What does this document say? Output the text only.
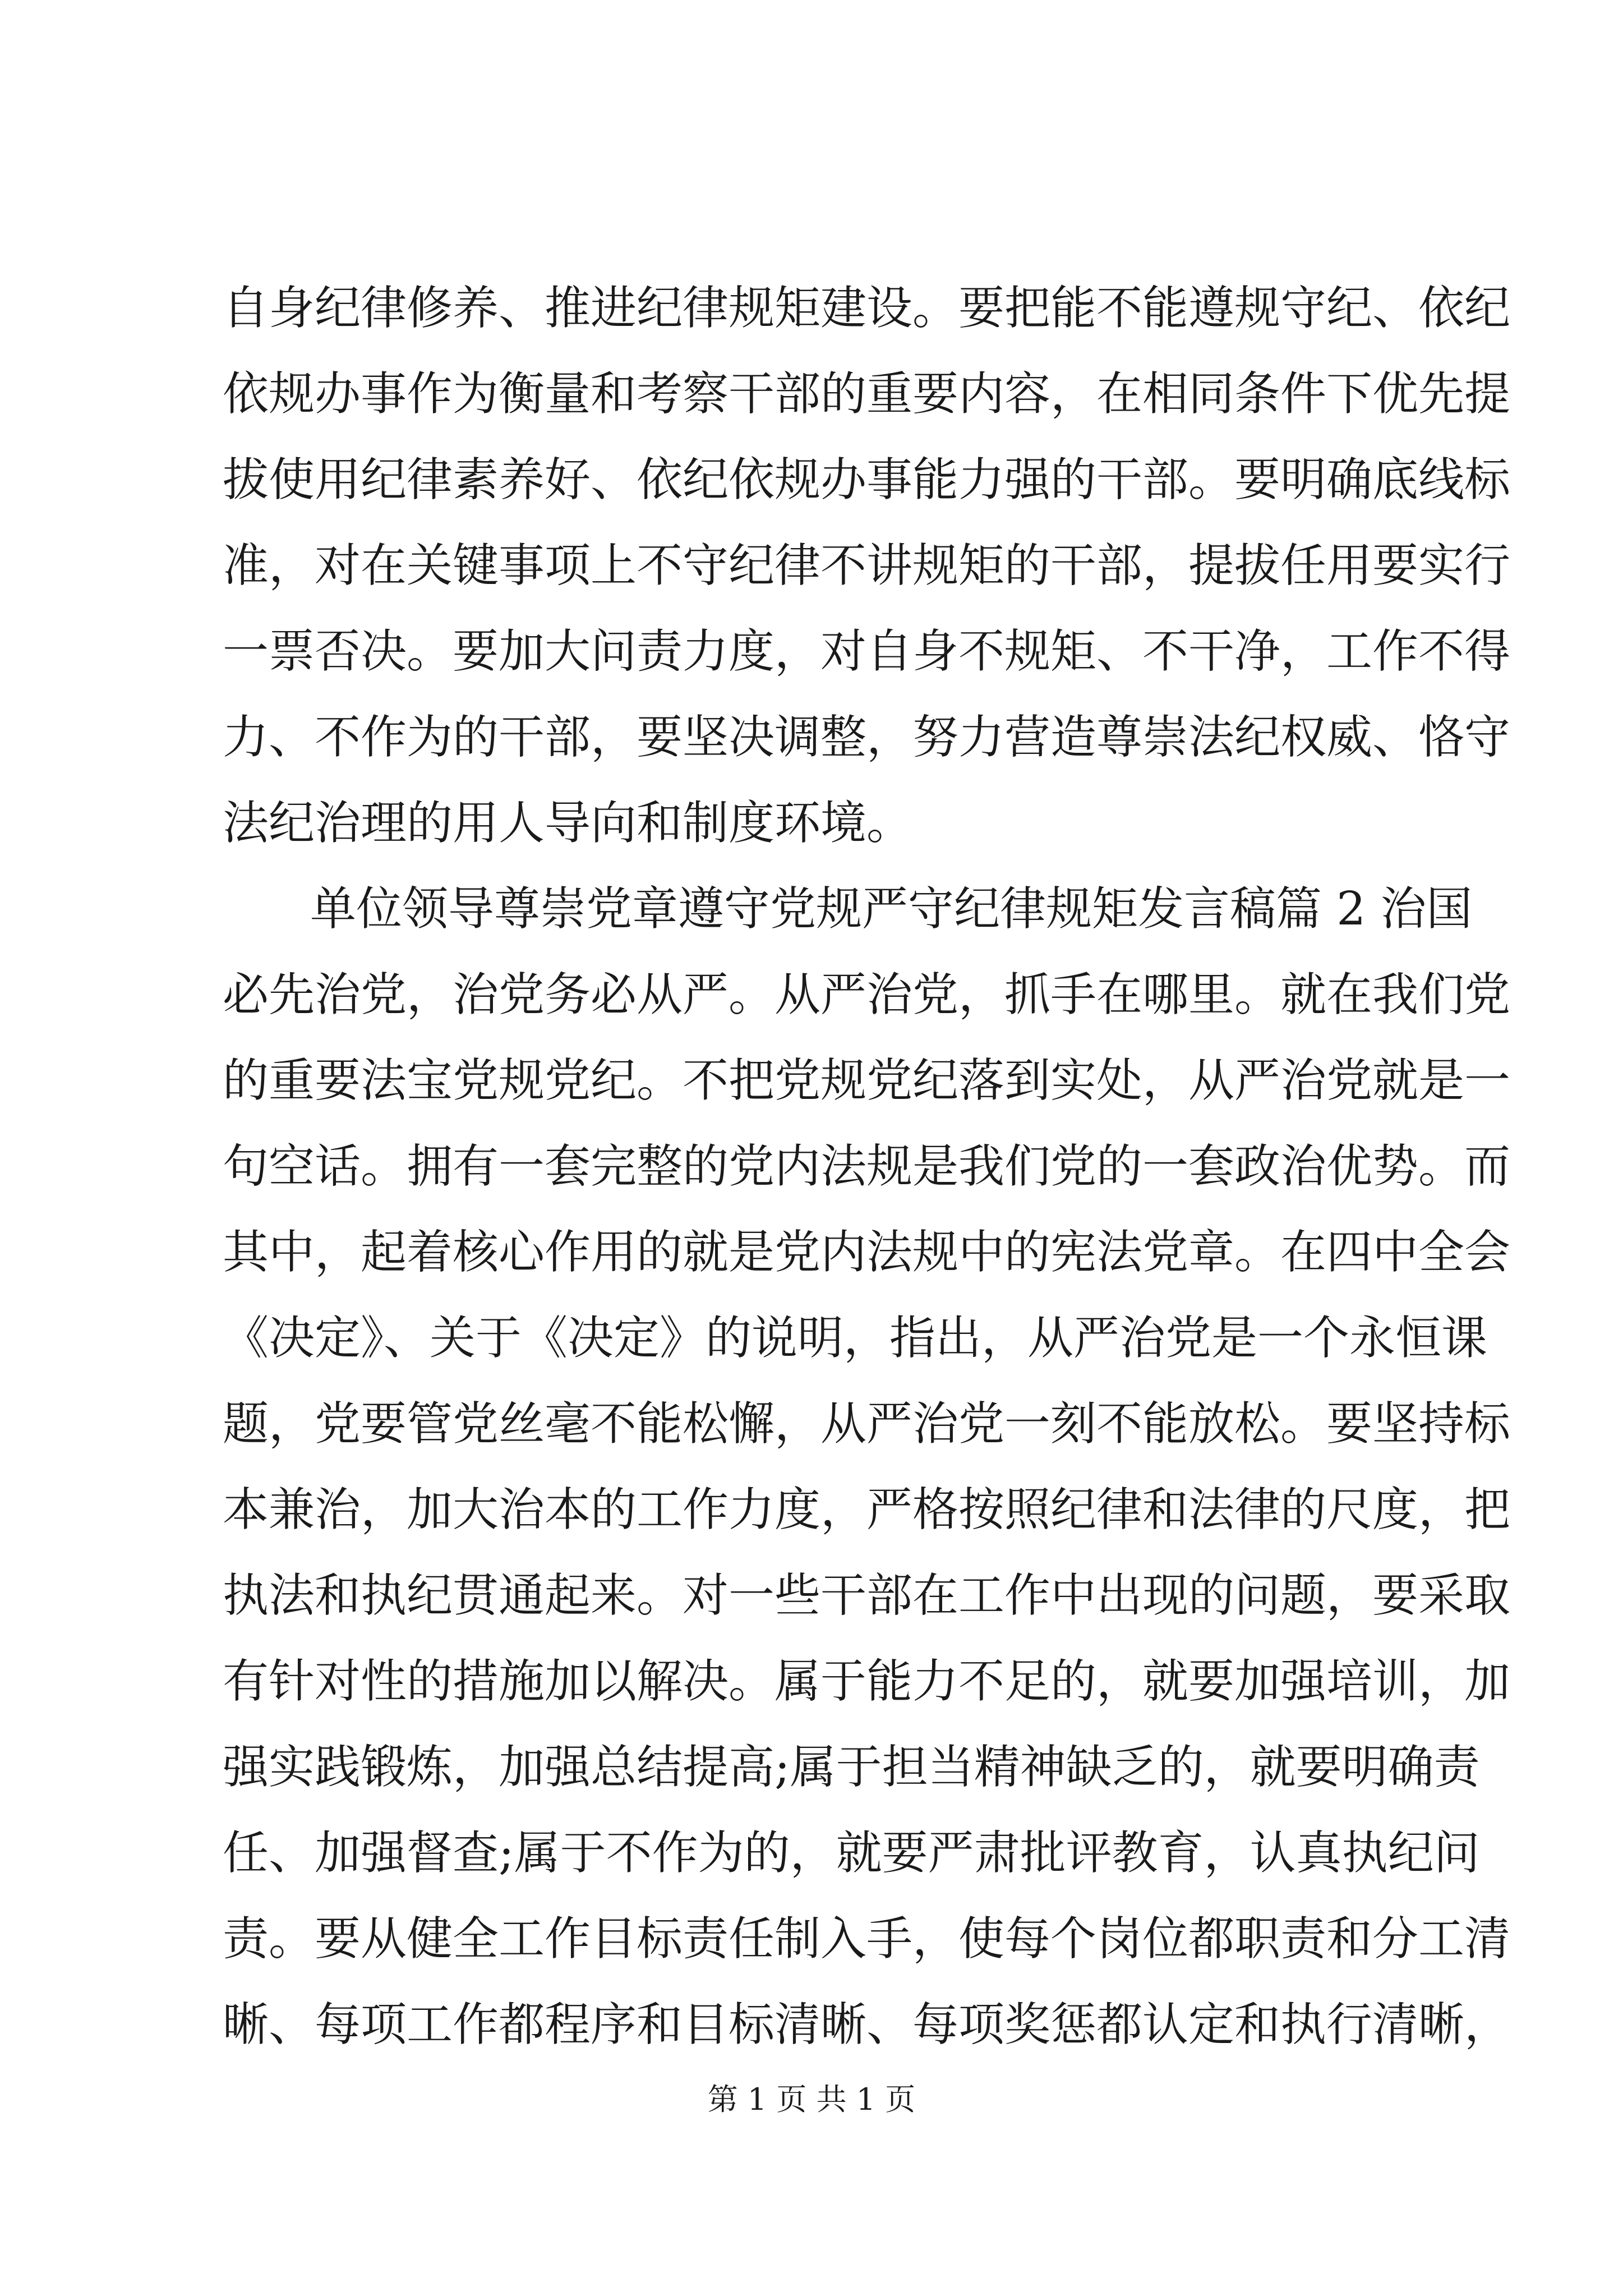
自身纪律修养、推进纪律规矩建设。要把能不能遵规守纪、依纪
依规办事作为衡量和考察干部的重要内容，在相同条件下优先提
拔使用纪律素养好、依纪依规办事能力强的干部。要明确底线标
准，对在关键事项上不守纪律不讲规矩的干部，提拔任用要实行
一票否决。要加大问责力度，对自身不规矩、不干净，工作不得
力、不作为的干部，要坚决调整，努力营造尊崇法纪权威、恪守
法纪治理的用人导向和制度环境。
单位领导尊崇党章遵守党规严守纪律规矩发言稿篇 2 治国
必先治党，治党务必从严。从严治党，抓手在哪里。就在我们党
的重要法宝党规党纪。不把党规党纪落到实处，从严治党就是一
句空话。拥有一套完整的党内法规是我们党的一套政治优势。而
其中，起着核心作用的就是党内法规中的宪法党章。在四中全会
《决定》、关于《决定》的说明，指出，从严治党是一个永恒课
题，党要管党丝毫不能松懈，从严治党一刻不能放松。要坚持标
本兼治，加大治本的工作力度，严格按照纪律和法律的尺度，把
执法和执纪贯通起来。对一些干部在工作中出现的问题，要采取
有针对性的措施加以解决。属于能力不足的，就要加强培训，加
强实践锻炼，加强总结提高;属于担当精神缺乏的，就要明确责
任、加强督查;属于不作为的，就要严肃批评教育，认真执纪问
责。要从健全工作目标责任制入手，使每个岗位都职责和分工清
晰、每项工作都程序和目标清晰、每项奖惩都认定和执行清晰，
第 1 页 共 1 页
